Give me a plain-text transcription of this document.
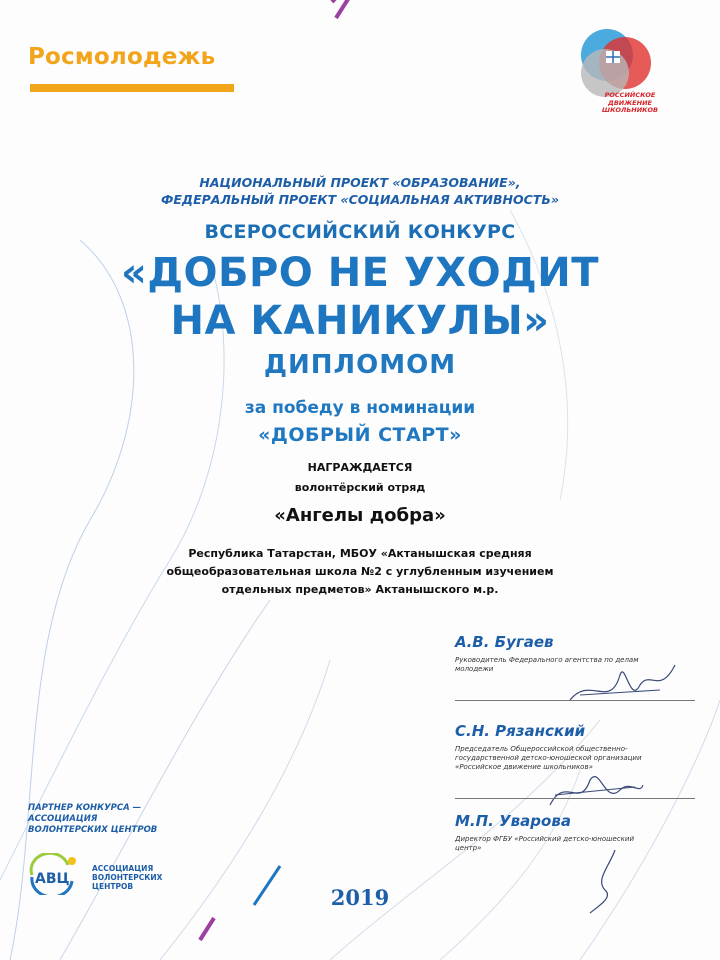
Росмолодежь
РОССИЙСКОЕ
ДВИЖЕНИЕ ШКОЛЬНИКОВ
НАЦИОНАЛЬНЫЙ ПРОЕКТ «ОБРАЗОВАНИЕ»,
ФЕДЕРАЛЬНЫЙ ПРОЕКТ «СОЦИАЛЬНАЯ АКТИВНОСТЬ»
ВСЕРОССИЙСКИЙ КОНКУРС
«ДОБРО НЕ УХОДИТ
НА КАНИКУЛЫ»
ДИПЛОМОМ
за победу в номинации
«ДОБРЫЙ СТАРТ»
НАГРАЖДАЕТСЯ
волонтёрский отряд
«Ангелы добра»
Республика Татарстан, МБОУ «Актанышская средняя
общеобразовательная школа №2 с углубленным изучением
отдельных предметов» Актанышского м.р.
А.В. Бугаев
Руководитель Федерального агентства по делам
молодежи
С.Н. Рязанский
Председатель Общероссийской общественно-
государственной детско-юношеской организации
«Российское движение школьников»
М.П. Уварова
Директор ФГБУ «Российский детско-юношеский
центр»
ПАРТНЕР КОНКУРСА —
АССОЦИАЦИЯ
ВОЛОНТЕРСКИХ ЦЕНТРОВ
АВЦ
АССОЦИАЦИЯ
ВОЛОНТЕРСКИХ
ЦЕНТРОВ	2019
